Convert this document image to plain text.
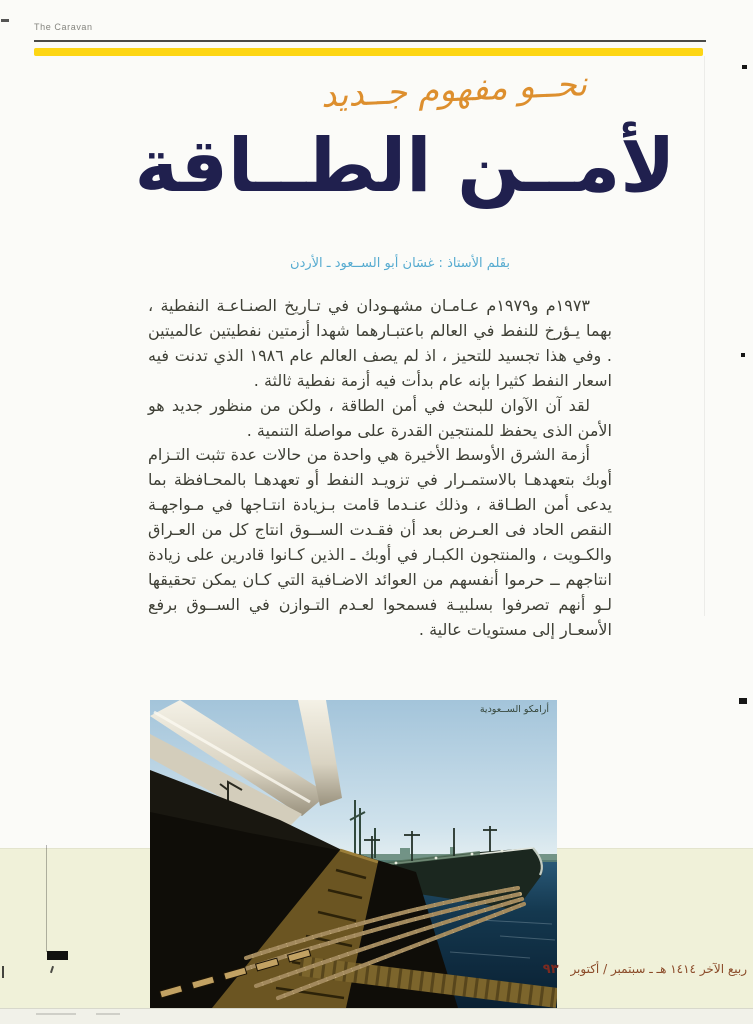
The Caravan
نحــو مفهوم جــديد
لأمــن الطــاقة
بقَلم الأستاذ : غسَان أبو الســعود ـ الأردن

١٩٧٣م و١٩٧٩م عـامـان مشهـودان في تـاريخ الصنـاعـة النفطية ، بهما يـؤرخ للنفط في العالم باعتبـارهما شهدا أزمتين نفطيتين عالميتين . وفي هذا تجسيد للتحيز ، اذ لم يصف العالم عام ١٩٨٦ الذي تدنت فيه اسعار النفط كثيرا بإنه عام بدأت فيه أزمة نفطية ثالثة .

لقد آن الآوان للبحث في أمن الطاقة ، ولكن من منظور جديد هو الأمن الذى يحفظ للمنتجين القدرة على مواصلة التنمية .

أزمة الشرق الأوسط الأخيرة هي واحدة من حالات عدة تثبت التـزام أوبك بتعهدهـا بالاستمـرار في تزويـد النفط أو تعهدهـا بالمحـافظة بما يدعى أمن الطـاقة ، وذلك عنـدما قامت بـزيادة انتـاجها في مـواجهـة النقص الحاد فى العـرض بعد أن فقـدت الســوق انتاج كل من العـراق والكـويت ، والمنتجون الكبـار في أوبك ـ الذين كـانوا قادرين على زيادة انتاجهم ــ حرموا أنفسهم من العوائد الاضـافية التي كـان يمكن تحقيقها لـو أنهم تصرفوا بسلبيـة فسمحوا لعـدم التـوازن في الســوق برفع الأسعـار إلى مستويات عالية .

أرامكو الســعودية
ربيع الآخر ١٤١٤ هـ ـ سبتمبر / أكتوبر ٩٣
